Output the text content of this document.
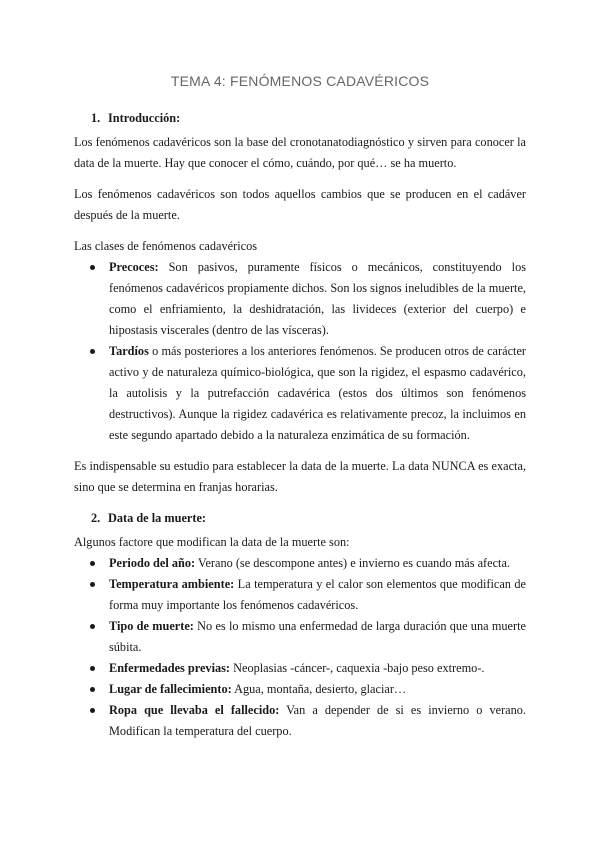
TEMA 4: FENÓMENOS CADAVÉRICOS
1. Introducción:

Los fenómenos cadavéricos son la base del cronotanatodiagnóstico y sirven para conocer la data de la muerte. Hay que conocer el cómo, cuándo, por qué… se ha muerto.

Los fenómenos cadavéricos son todos aquellos cambios que se producen en el cadáver después de la muerte.

Las clases de fenómenos cadavéricos

Precoces: Son pasivos, puramente físicos o mecánicos, constituyendo los fenómenos cadavéricos propiamente dichos. Son los signos ineludibles de la muerte, como el enfriamiento, la deshidratación, las livideces (exterior del cuerpo) e hipostasis viscerales (dentro de las vísceras).
Tardíos o más posteriores a los anteriores fenómenos. Se producen otros de carácter activo y de naturaleza químico-biológica, que son la rigidez, el espasmo cadavérico, la autolisis y la putrefacción cadavérica (estos dos últimos son fenómenos destructivos). Aunque la rigidez cadavérica es relativamente precoz, la incluimos en este segundo apartado debido a la naturaleza enzimática de su formación.

Es indispensable su estudio para establecer la data de la muerte. La data NUNCA es exacta, sino que se determina en franjas horarias.

2. Data de la muerte:

Algunos factore que modifican la data de la muerte son:

Periodo del año: Verano (se descompone antes) e invierno es cuando más afecta.
Temperatura ambiente: La temperatura y el calor son elementos que modifican de forma muy importante los fenómenos cadavéricos.
Tipo de muerte: No es lo mismo una enfermedad de larga duración que una muerte súbita.
Enfermedades previas: Neoplasias -cáncer-, caquexia -bajo peso extremo-.
Lugar de fallecimiento: Agua, montaña, desierto, glaciar…
Ropa que llevaba el fallecido: Van a depender de si es invierno o verano. Modifican la temperatura del cuerpo.
